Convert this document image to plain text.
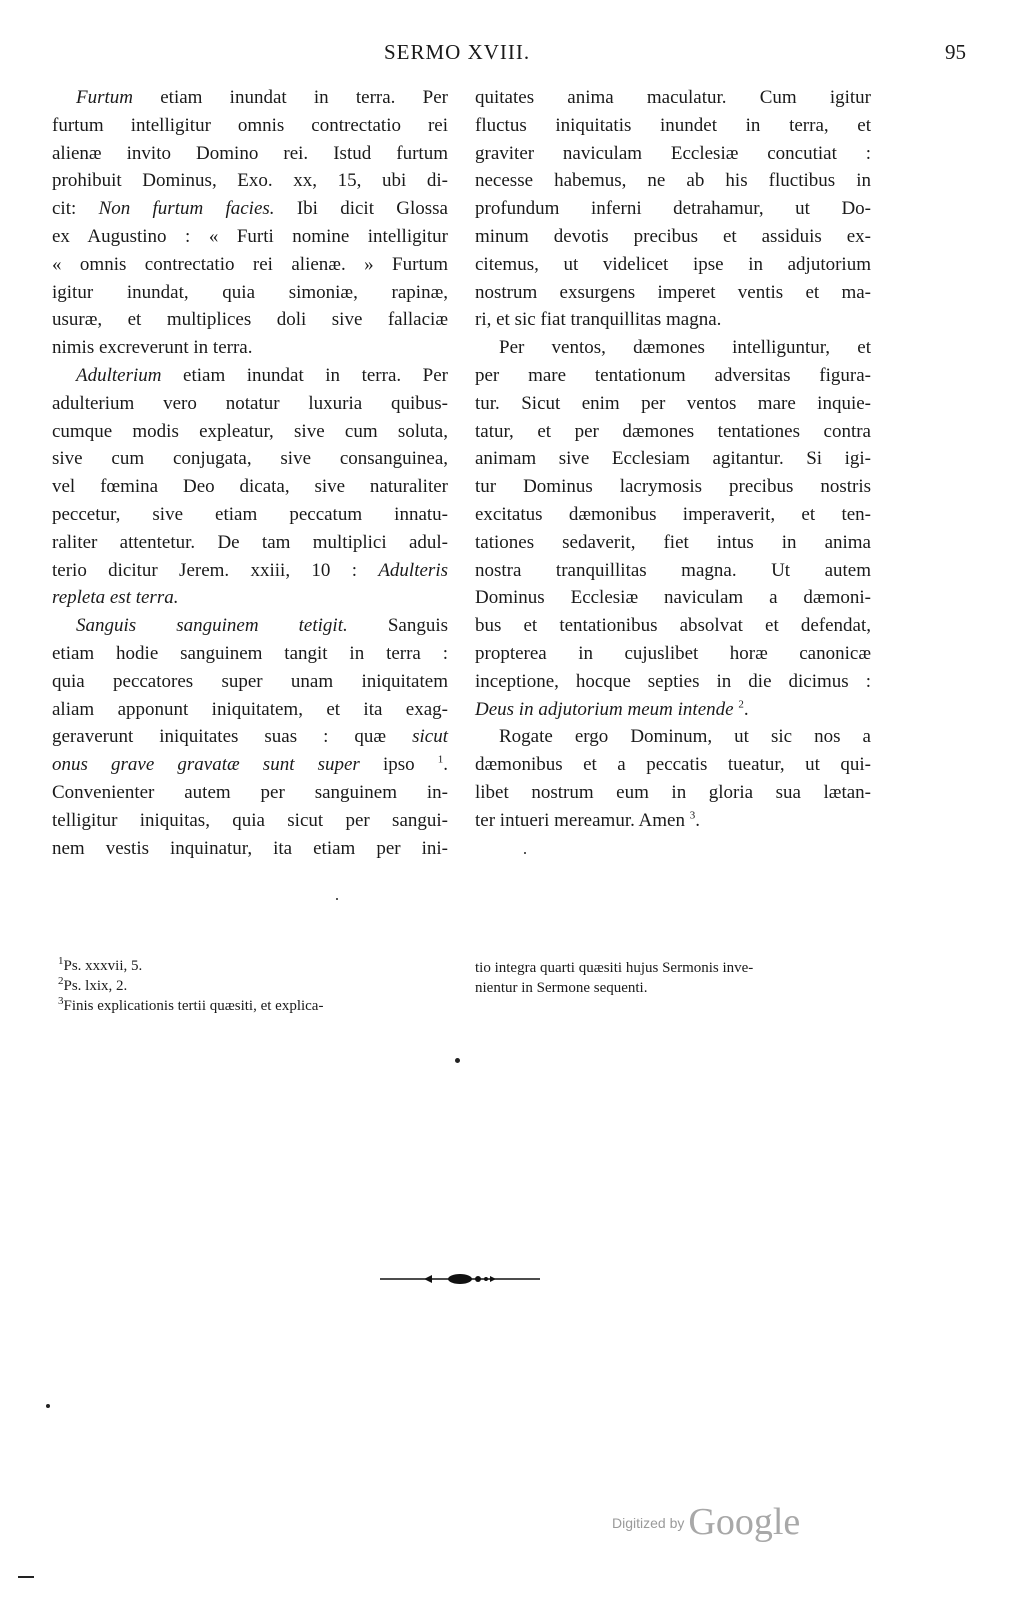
SERMO XVIII.	95
Furtum etiam inundat in terra. Per
furtum intelligitur omnis contrectatio rei
alienæ invito Domino rei. Istud furtum
prohibuit Dominus, Exo. xx, 15, ubi di-
cit: Non furtum facies. Ibi dicit Glossa
ex Augustino : « Furti nomine intelligitur
« omnis contrectatio rei alienæ. » Furtum
igitur inundat, quia simoniæ, rapinæ,
usuræ, et multiplices doli sive fallaciæ
nimis excreverunt in terra.
Adulterium etiam inundat in terra. Per
adulterium vero notatur luxuria quibus-
cumque modis expleatur, sive cum soluta,
sive cum conjugata, sive consanguinea,
vel fœmina Deo dicata, sive naturaliter
peccetur, sive etiam peccatum innatu-
raliter attentetur. De tam multiplici adul-
terio dicitur Jerem. xxiii, 10 : Adulteris
repleta est terra.
Sanguis sanguinem tetigit. Sanguis
etiam hodie sanguinem tangit in terra :
quia peccatores super unam iniquitatem
aliam apponunt iniquitatem, et ita exag-
geraverunt iniquitates suas : quæ sicut
onus grave gravatæ sunt super ipso $^1$.
Convenienter autem per sanguinem in-
telligitur iniquitas, quia sicut per sangui-
nem vestis inquinatur, ita etiam per ini-
quitates anima maculatur. Cum igitur
fluctus iniquitatis inundet in terra, et
graviter naviculam Ecclesiæ concutiat :
necesse habemus, ne ab his fluctibus in
profundum inferni detrahamur, ut Do-
minum devotis precibus et assiduis ex-
citemus, ut videlicet ipse in adjutorium
nostrum exsurgens imperet ventis et ma-
ri, et sic fiat tranquillitas magna.
Per ventos, dæmones intelliguntur, et
per mare tentationum adversitas figura-
tur. Sicut enim per ventos mare inquie-
tatur, et per dæmones tentationes contra
animam sive Ecclesiam agitantur. Si igi-
tur Dominus lacrymosis precibus nostris
excitatus dæmonibus imperaverit, et ten-
tationes sedaverit, fiet intus in anima
nostra tranquillitas magna. Ut autem
Dominus Ecclesiæ naviculam a dæmoni-
bus et tentationibus absolvat et defendat,
propterea in cujuslibet horæ canonicæ
inceptione, hocque septies in die dicimus :
Deus in adjutorium meum intende $^2$.
Rogate ergo Dominum, ut sic nos a
dæmonibus et a peccatis tueatur, ut qui-
libet nostrum eum in gloria sua lætan-
ter intueri mereamur. Amen $^3$.
$^1$Ps. xxxvii, 5.
$^2$Ps. lxix, 2.
$^3$Finis explicationis tertii quæsiti, et explica-
tio integra quarti quæsiti hujus Sermonis inve-
nientur in Sermone sequenti.
Digitized by Google
